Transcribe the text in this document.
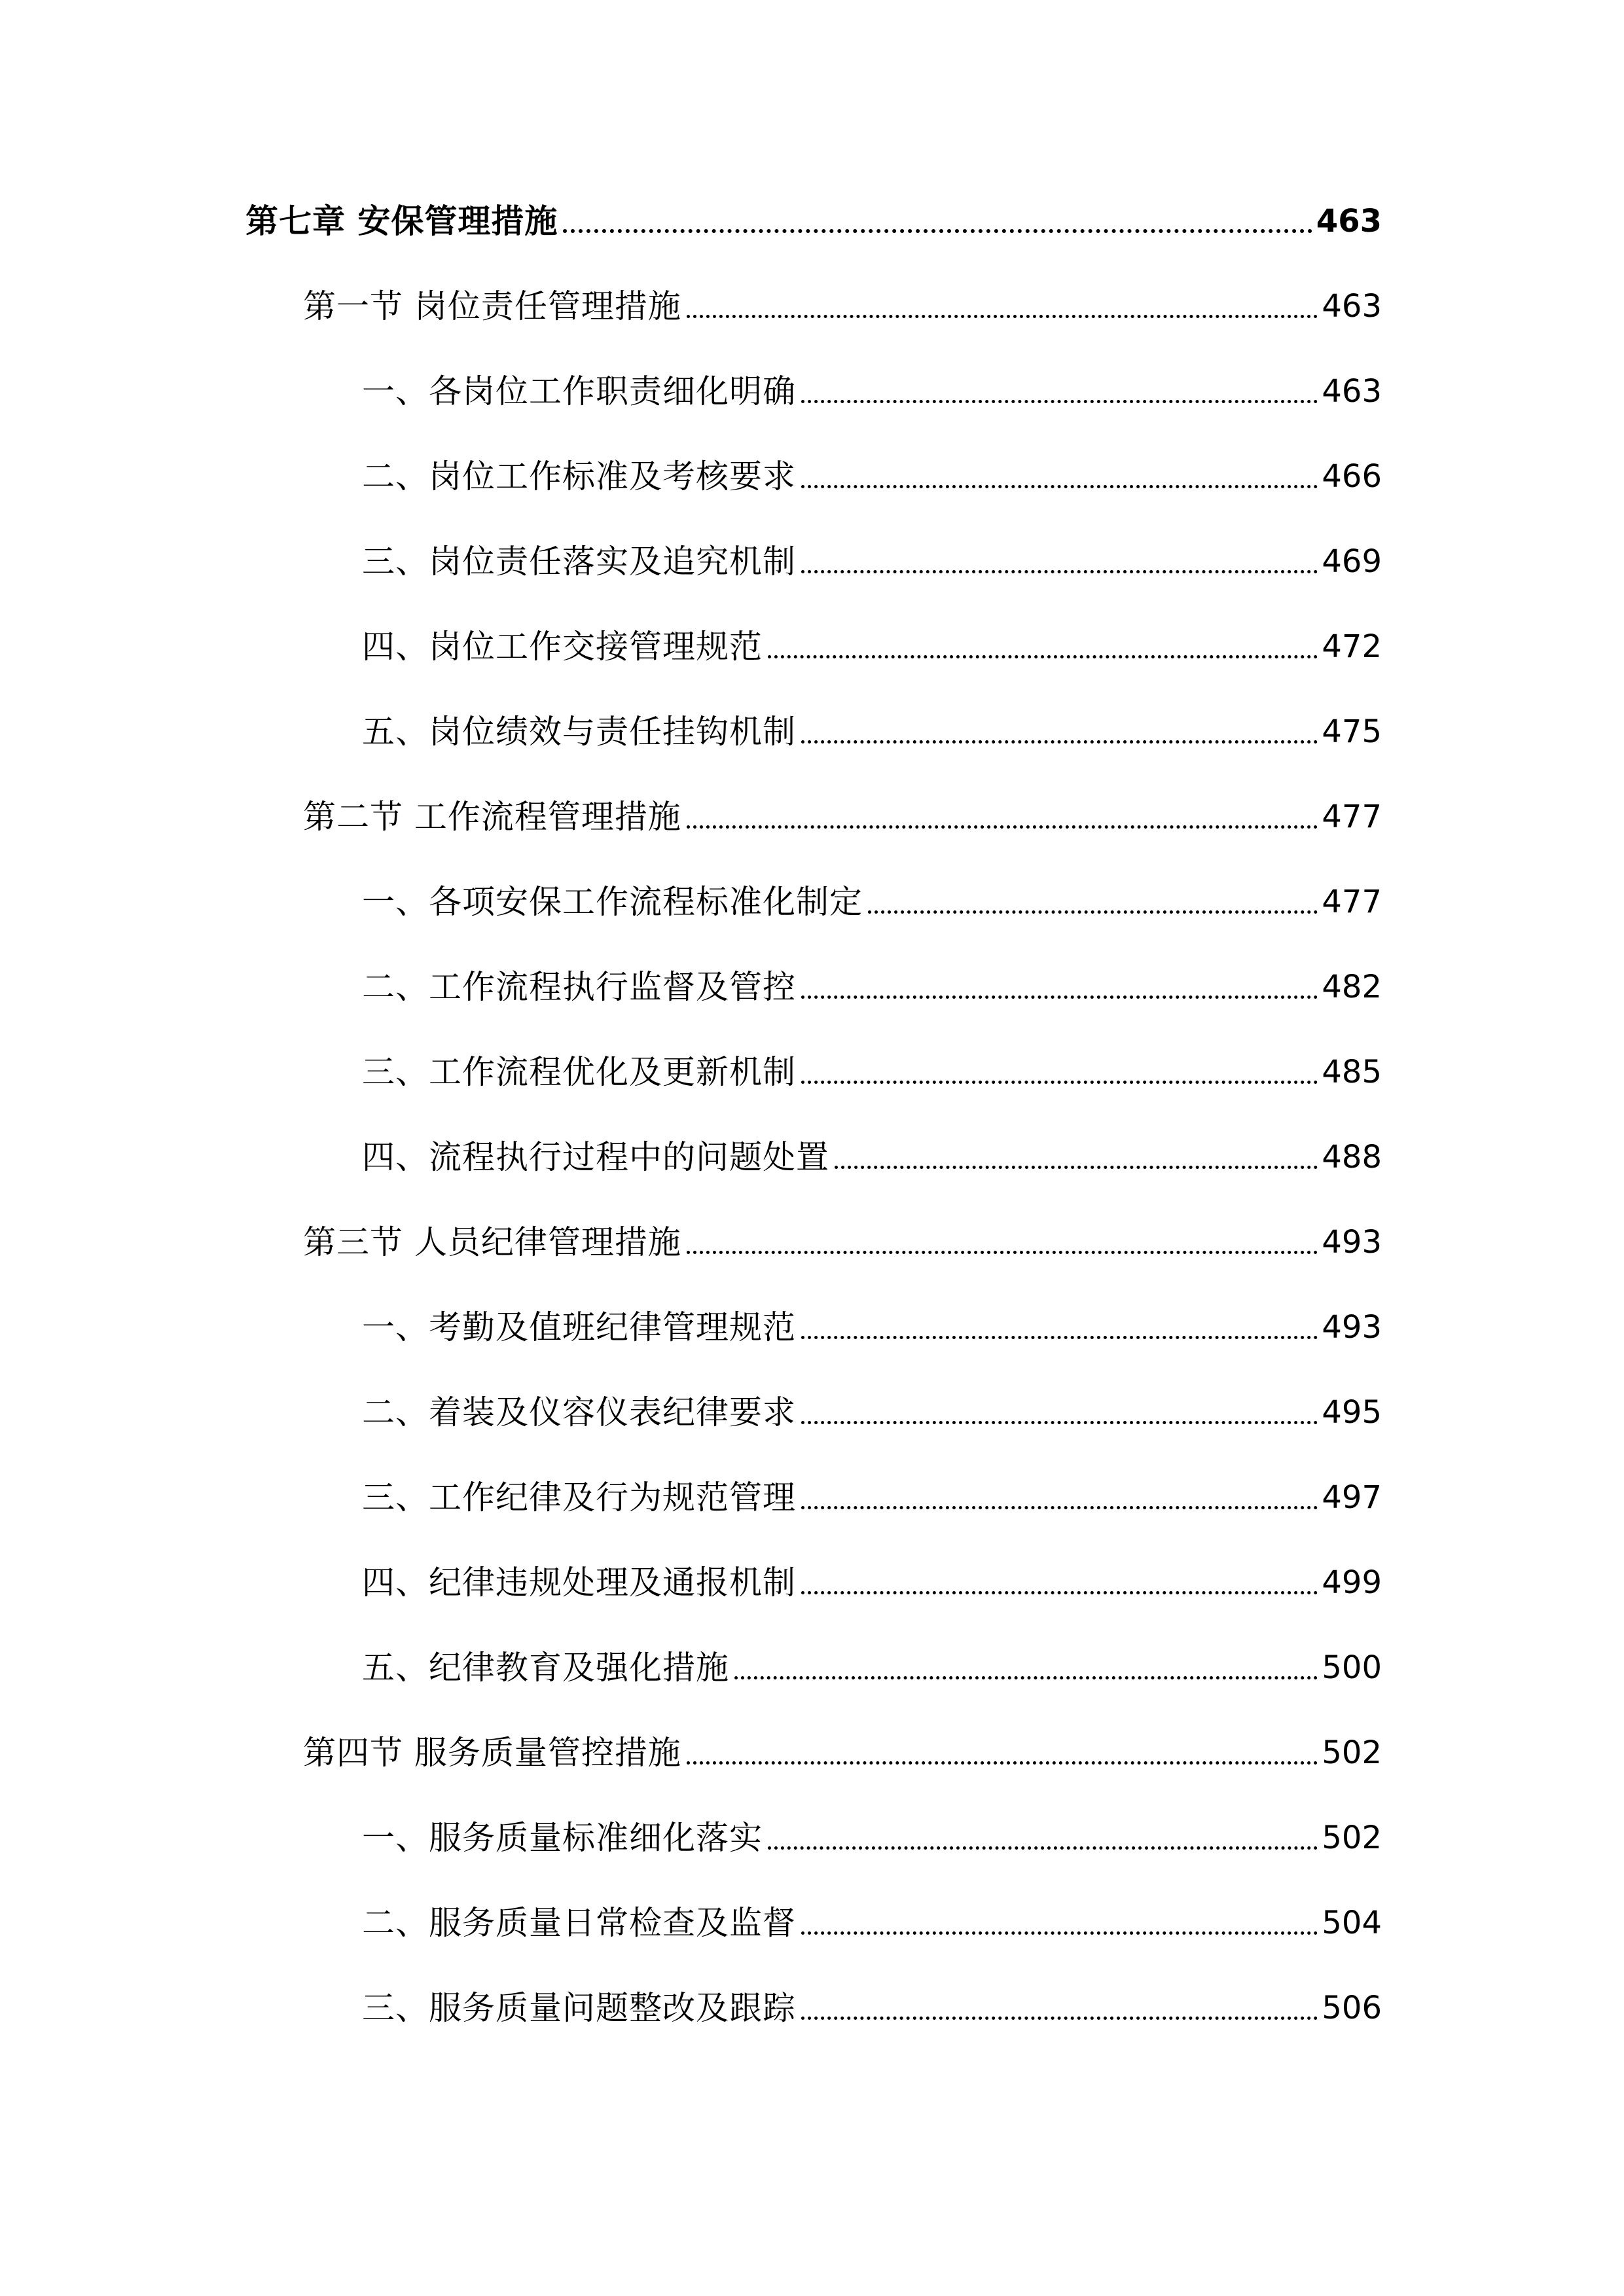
第七章 安保管理措施	463
第一节 岗位责任管理措施	463
一、各岗位工作职责细化明确	463
二、岗位工作标准及考核要求	466
三、岗位责任落实及追究机制	469
四、岗位工作交接管理规范	472
五、岗位绩效与责任挂钩机制	475
第二节 工作流程管理措施	477
一、各项安保工作流程标准化制定	477
二、工作流程执行监督及管控	482
三、工作流程优化及更新机制	485
四、流程执行过程中的问题处置	488
第三节 人员纪律管理措施	493
一、考勤及值班纪律管理规范	493
二、着装及仪容仪表纪律要求	495
三、工作纪律及行为规范管理	497
四、纪律违规处理及通报机制	499
五、纪律教育及强化措施	500
第四节 服务质量管控措施	502
一、服务质量标准细化落实	502
二、服务质量日常检查及监督	504
三、服务质量问题整改及跟踪	506
